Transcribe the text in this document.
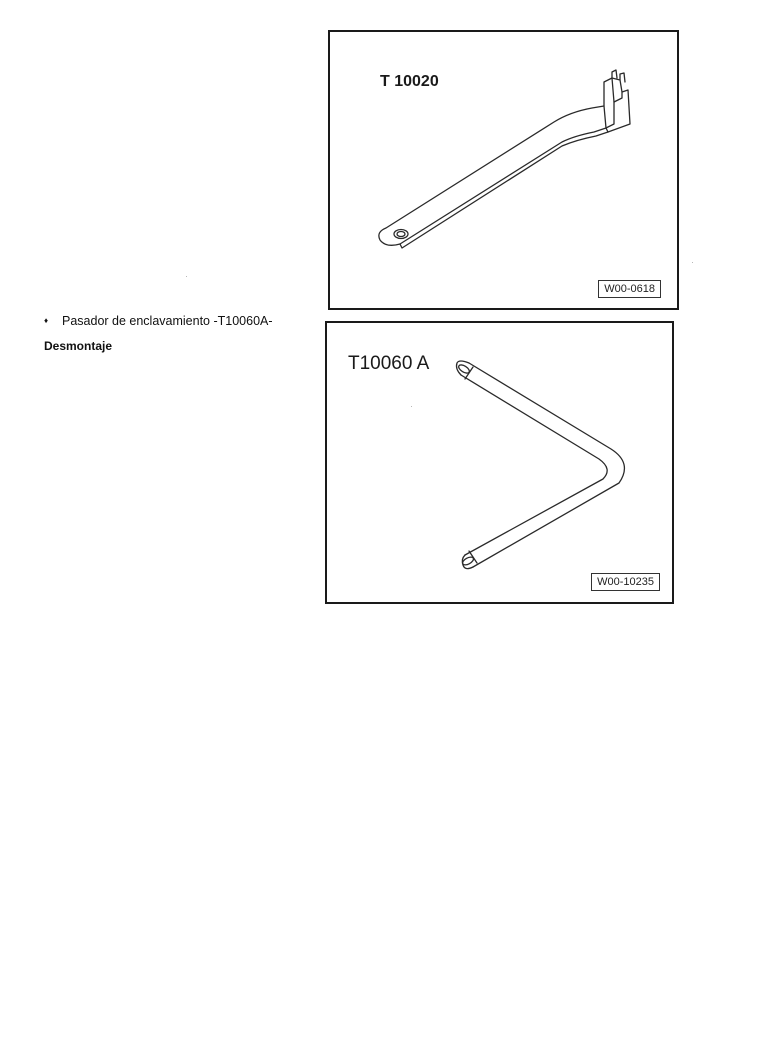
♦ Pasador de enclavamiento -T10060A-
Desmontaje
T 10020
W00-0618
T10060 A
W00-10235
